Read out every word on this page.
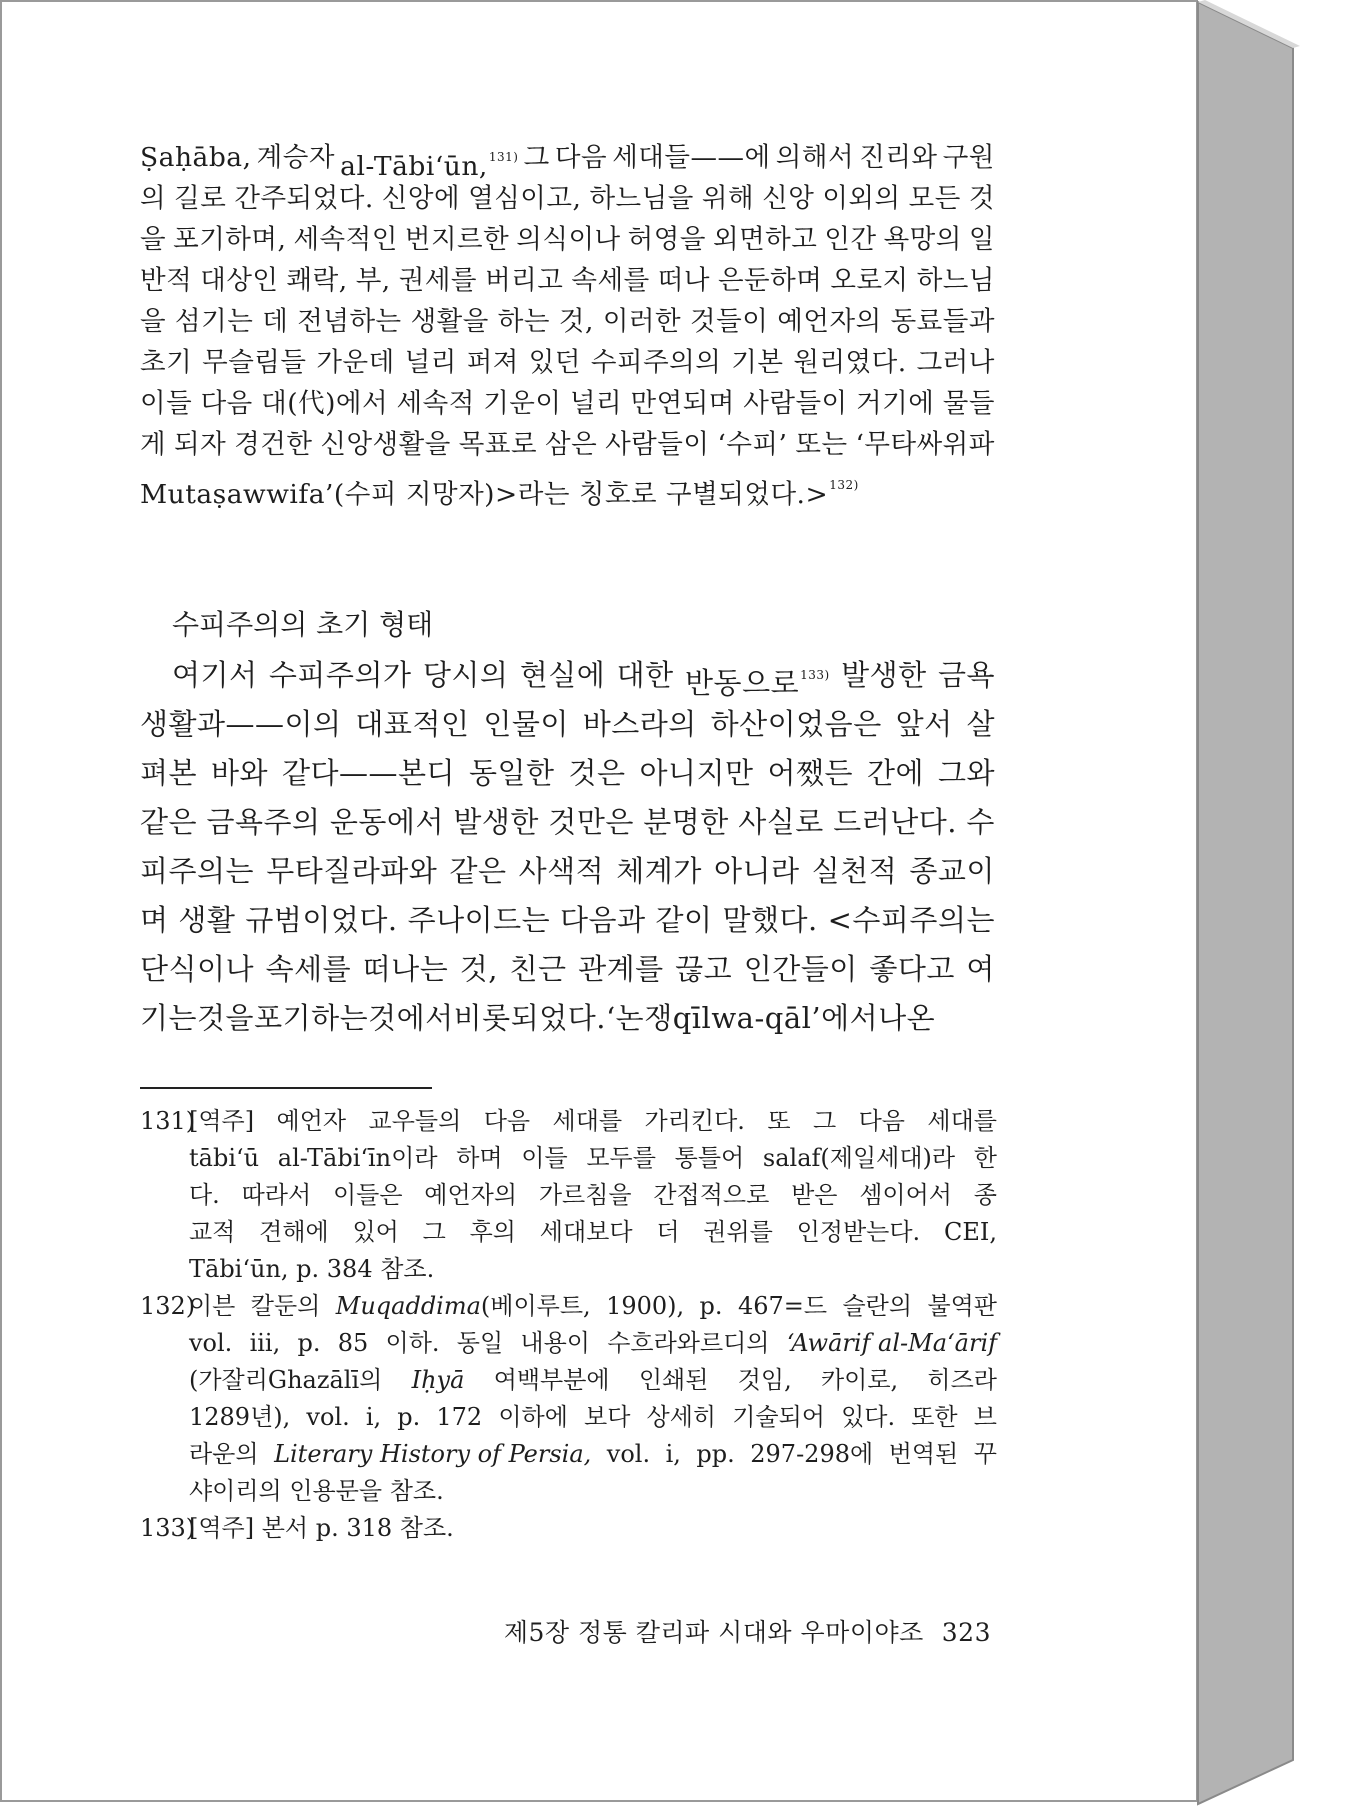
Ṣaḥāba, 계승자 al-Tābi‘ūn,$^{131)}$ 그 다음 세대들——에 의해서 진리와 구원
의 길로 간주되었다. 신앙에 열심이고, 하느님을 위해 신앙 이외의 모든 것
을 포기하며, 세속적인 번지르한 의식이나 허영을 외면하고 인간 욕망의 일
반적 대상인 쾌락, 부, 권세를 버리고 속세를 떠나 은둔하며 오로지 하느님
을 섬기는 데 전념하는 생활을 하는 것, 이러한 것들이 예언자의 동료들과
초기 무슬림들 가운데 널리 퍼져 있던 수피주의의 기본 원리였다. 그러나
이들 다음 대(代)에서 세속적 기운이 널리 만연되며 사람들이 거기에 물들
게 되자 경건한 신앙생활을 목표로 삼은 사람들이 ‘수피’ 또는 ‘무타싸위파
Mutaṣawwifa’(수피 지망자)>라는 칭호로 구별되었다.>$^{132)}$
수피주의의 초기 형태
여기서 수피주의가 당시의 현실에 대한 반동으로$^{133)}$ 발생한 금욕
생활과——이의 대표적인 인물이 바스라의 하산이었음은 앞서 살
펴본 바와 같다——본디 동일한 것은 아니지만 어쨌든 간에 그와
같은 금욕주의 운동에서 발생한 것만은 분명한 사실로 드러난다. 수
피주의는 무타질라파와 같은 사색적 체계가 아니라 실천적 종교이
며 생활 규범이었다. 주나이드는 다음과 같이 말했다. <수피주의는
단식이나 속세를 떠나는 것, 친근 관계를 끊고 인간들이 좋다고 여
기는 것을 포기하는 것에서 비롯되었다. ‘논쟁qīl wa-qāl’에서 나온
131)
[역주] 예언자 교우들의 다음 세대를 가리킨다. 또 그 다음 세대를
tābi‘ū al-Tābi‘īn이라 하며 이들 모두를 통틀어 salaf(제일세대)라 한
다. 따라서 이들은 예언자의 가르침을 간접적으로 받은 셈이어서 종
교적 견해에 있어 그 후의 세대보다 더 권위를 인정받는다. CEI,
Tābi‘ūn, p. 384 참조.
132)
이븐 칼둔의 Muqaddima(베이루트, 1900), p. 467=드 슬란의 불역판
vol. iii, p. 85 이하. 동일 내용이 수흐라와르디의 ‘Awārif al-Ma‘ārif
(가잘리Ghazālī의 Iḥyā 여백부분에 인쇄된 것임, 카이로, 히즈라
1289년), vol. i, p. 172 이하에 보다 상세히 기술되어 있다. 또한 브
라운의 Literary History of Persia, vol. i, pp. 297-298에 번역된 꾸
샤이리의 인용문을 참조.
133)
[역주] 본서 p. 318 참조.
제5장 정통 칼리파 시대와 우마이야조 323
